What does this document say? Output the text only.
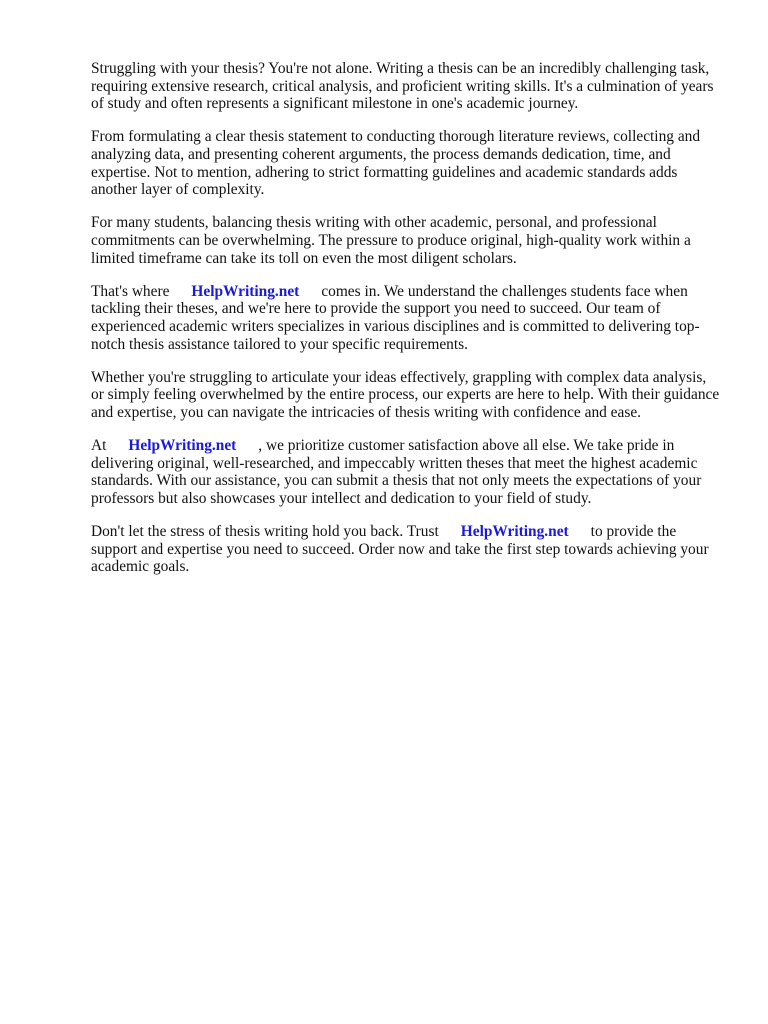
Struggling with your thesis? You're not alone. Writing a thesis can be an incredibly challenging task, requiring extensive research, critical analysis, and proficient writing skills. It's a culmination of years of study and often represents a significant milestone in one's academic journey.

From formulating a clear thesis statement to conducting thorough literature reviews, collecting and analyzing data, and presenting coherent arguments, the process demands dedication, time, and expertise. Not to mention, adhering to strict formatting guidelines and academic standards adds another layer of complexity.

For many students, balancing thesis writing with other academic, personal, and professional commitments can be overwhelming. The pressure to produce original, high-quality work within a limited timeframe can take its toll on even the most diligent scholars.

That's where HelpWriting.net comes in. We understand the challenges students face when tackling their theses, and we're here to provide the support you need to succeed. Our team of experienced academic writers specializes in various disciplines and is committed to delivering top-notch thesis assistance tailored to your specific requirements.

Whether you're struggling to articulate your ideas effectively, grappling with complex data analysis, or simply feeling overwhelmed by the entire process, our experts are here to help. With their guidance and expertise, you can navigate the intricacies of thesis writing with confidence and ease.

At HelpWriting.net , we prioritize customer satisfaction above all else. We take pride in delivering original, well-researched, and impeccably written theses that meet the highest academic standards. With our assistance, you can submit a thesis that not only meets the expectations of your professors but also showcases your intellect and dedication to your field of study.

Don't let the stress of thesis writing hold you back. Trust HelpWriting.net to provide the support and expertise you need to succeed. Order now and take the first step towards achieving your academic goals.
